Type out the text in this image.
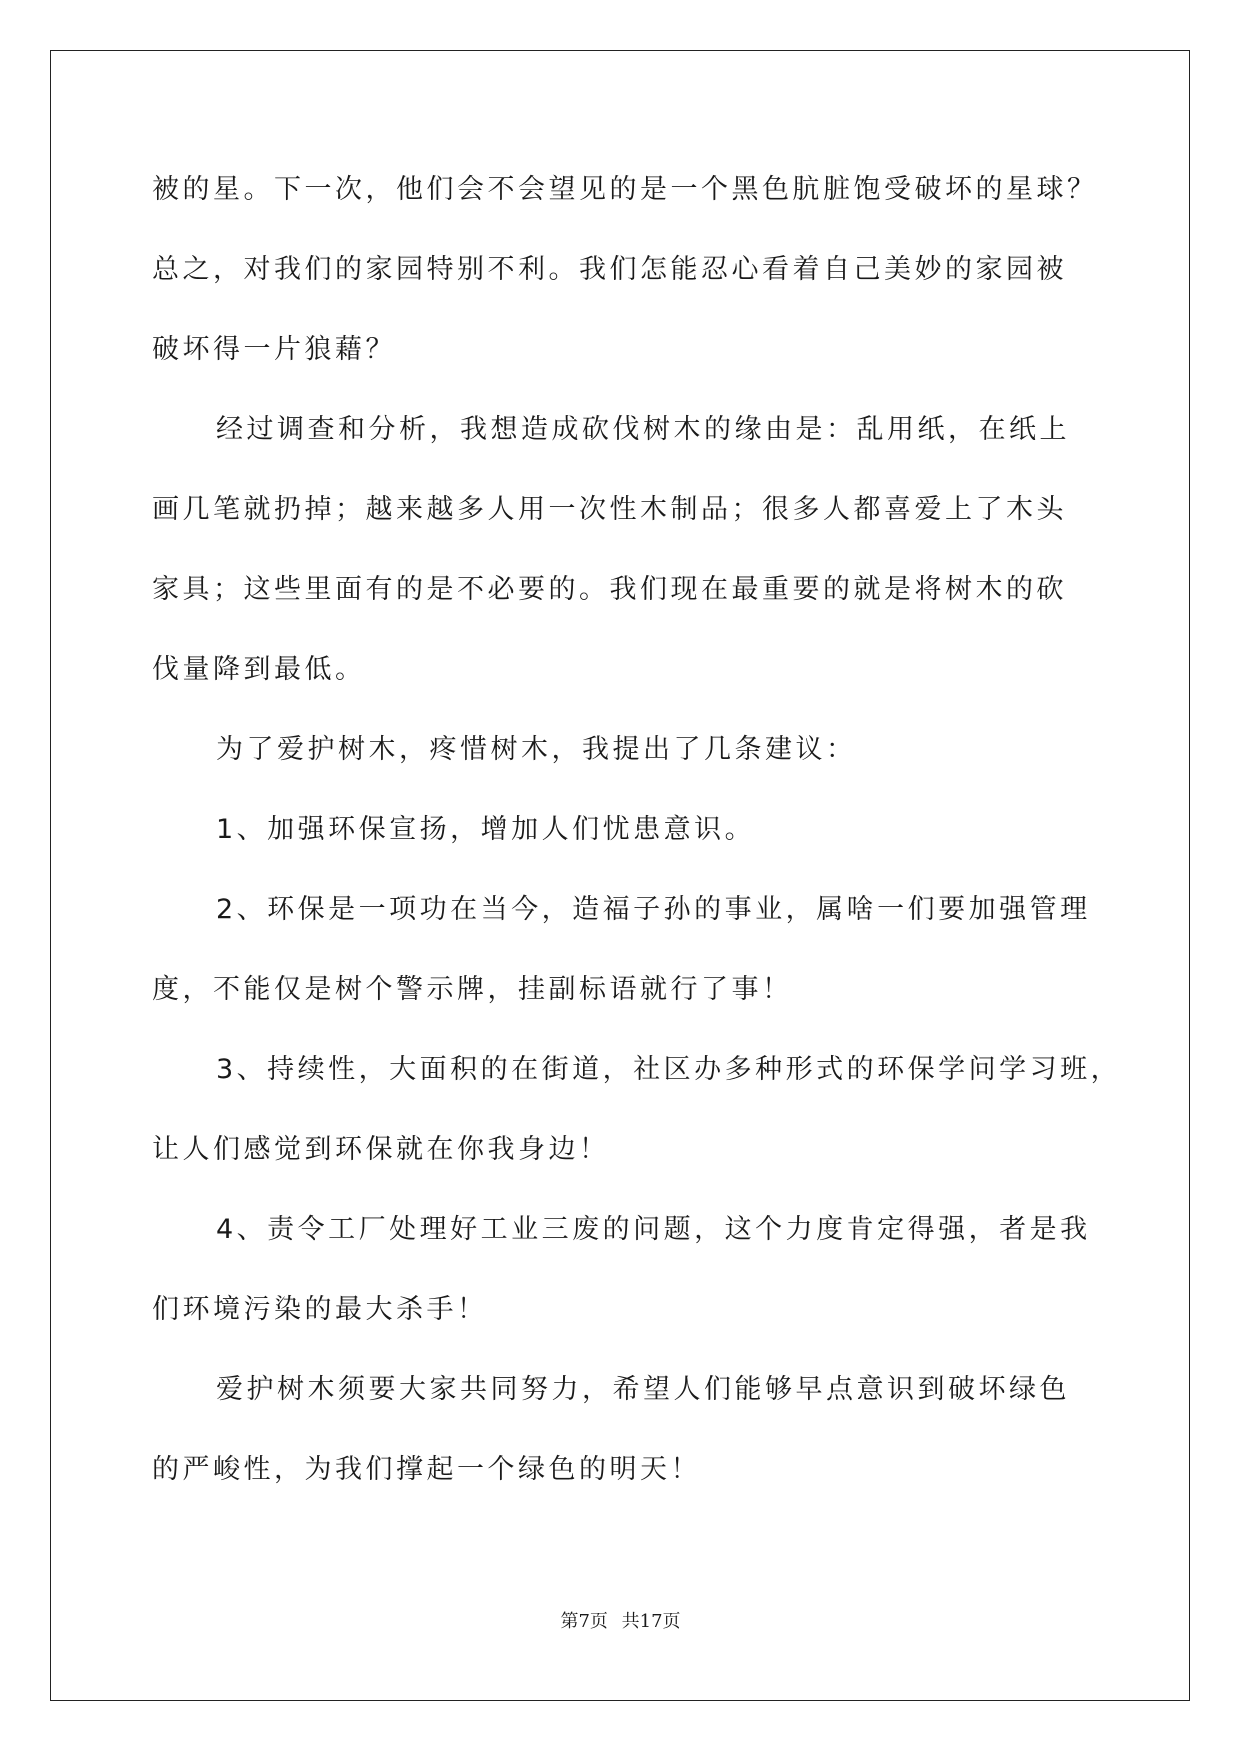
被的星。下一次，他们会不会望见的是一个黑色肮脏饱受破坏的星球？
总之，对我们的家园特别不利。我们怎能忍心看着自己美妙的家园被
破坏得一片狼藉？
经过调查和分析，我想造成砍伐树木的缘由是：乱用纸，在纸上
画几笔就扔掉；越来越多人用一次性木制品；很多人都喜爱上了木头
家具；这些里面有的是不必要的。我们现在最重要的就是将树木的砍
伐量降到最低。
为了爱护树木，疼惜树木，我提出了几条建议：
1、加强环保宣扬，增加人们忧患意识。
2、环保是一项功在当今，造福子孙的事业，属啥一们要加强管理
度，不能仅是树个警示牌，挂副标语就行了事！
3、持续性，大面积的在街道，社区办多种形式的环保学问学习班，
让人们感觉到环保就在你我身边！
4、责令工厂处理好工业三废的问题，这个力度肯定得强，者是我
们环境污染的最大杀手！
爱护树木须要大家共同努力，希望人们能够早点意识到破坏绿色
的严峻性，为我们撑起一个绿色的明天！
第7页 共17页
